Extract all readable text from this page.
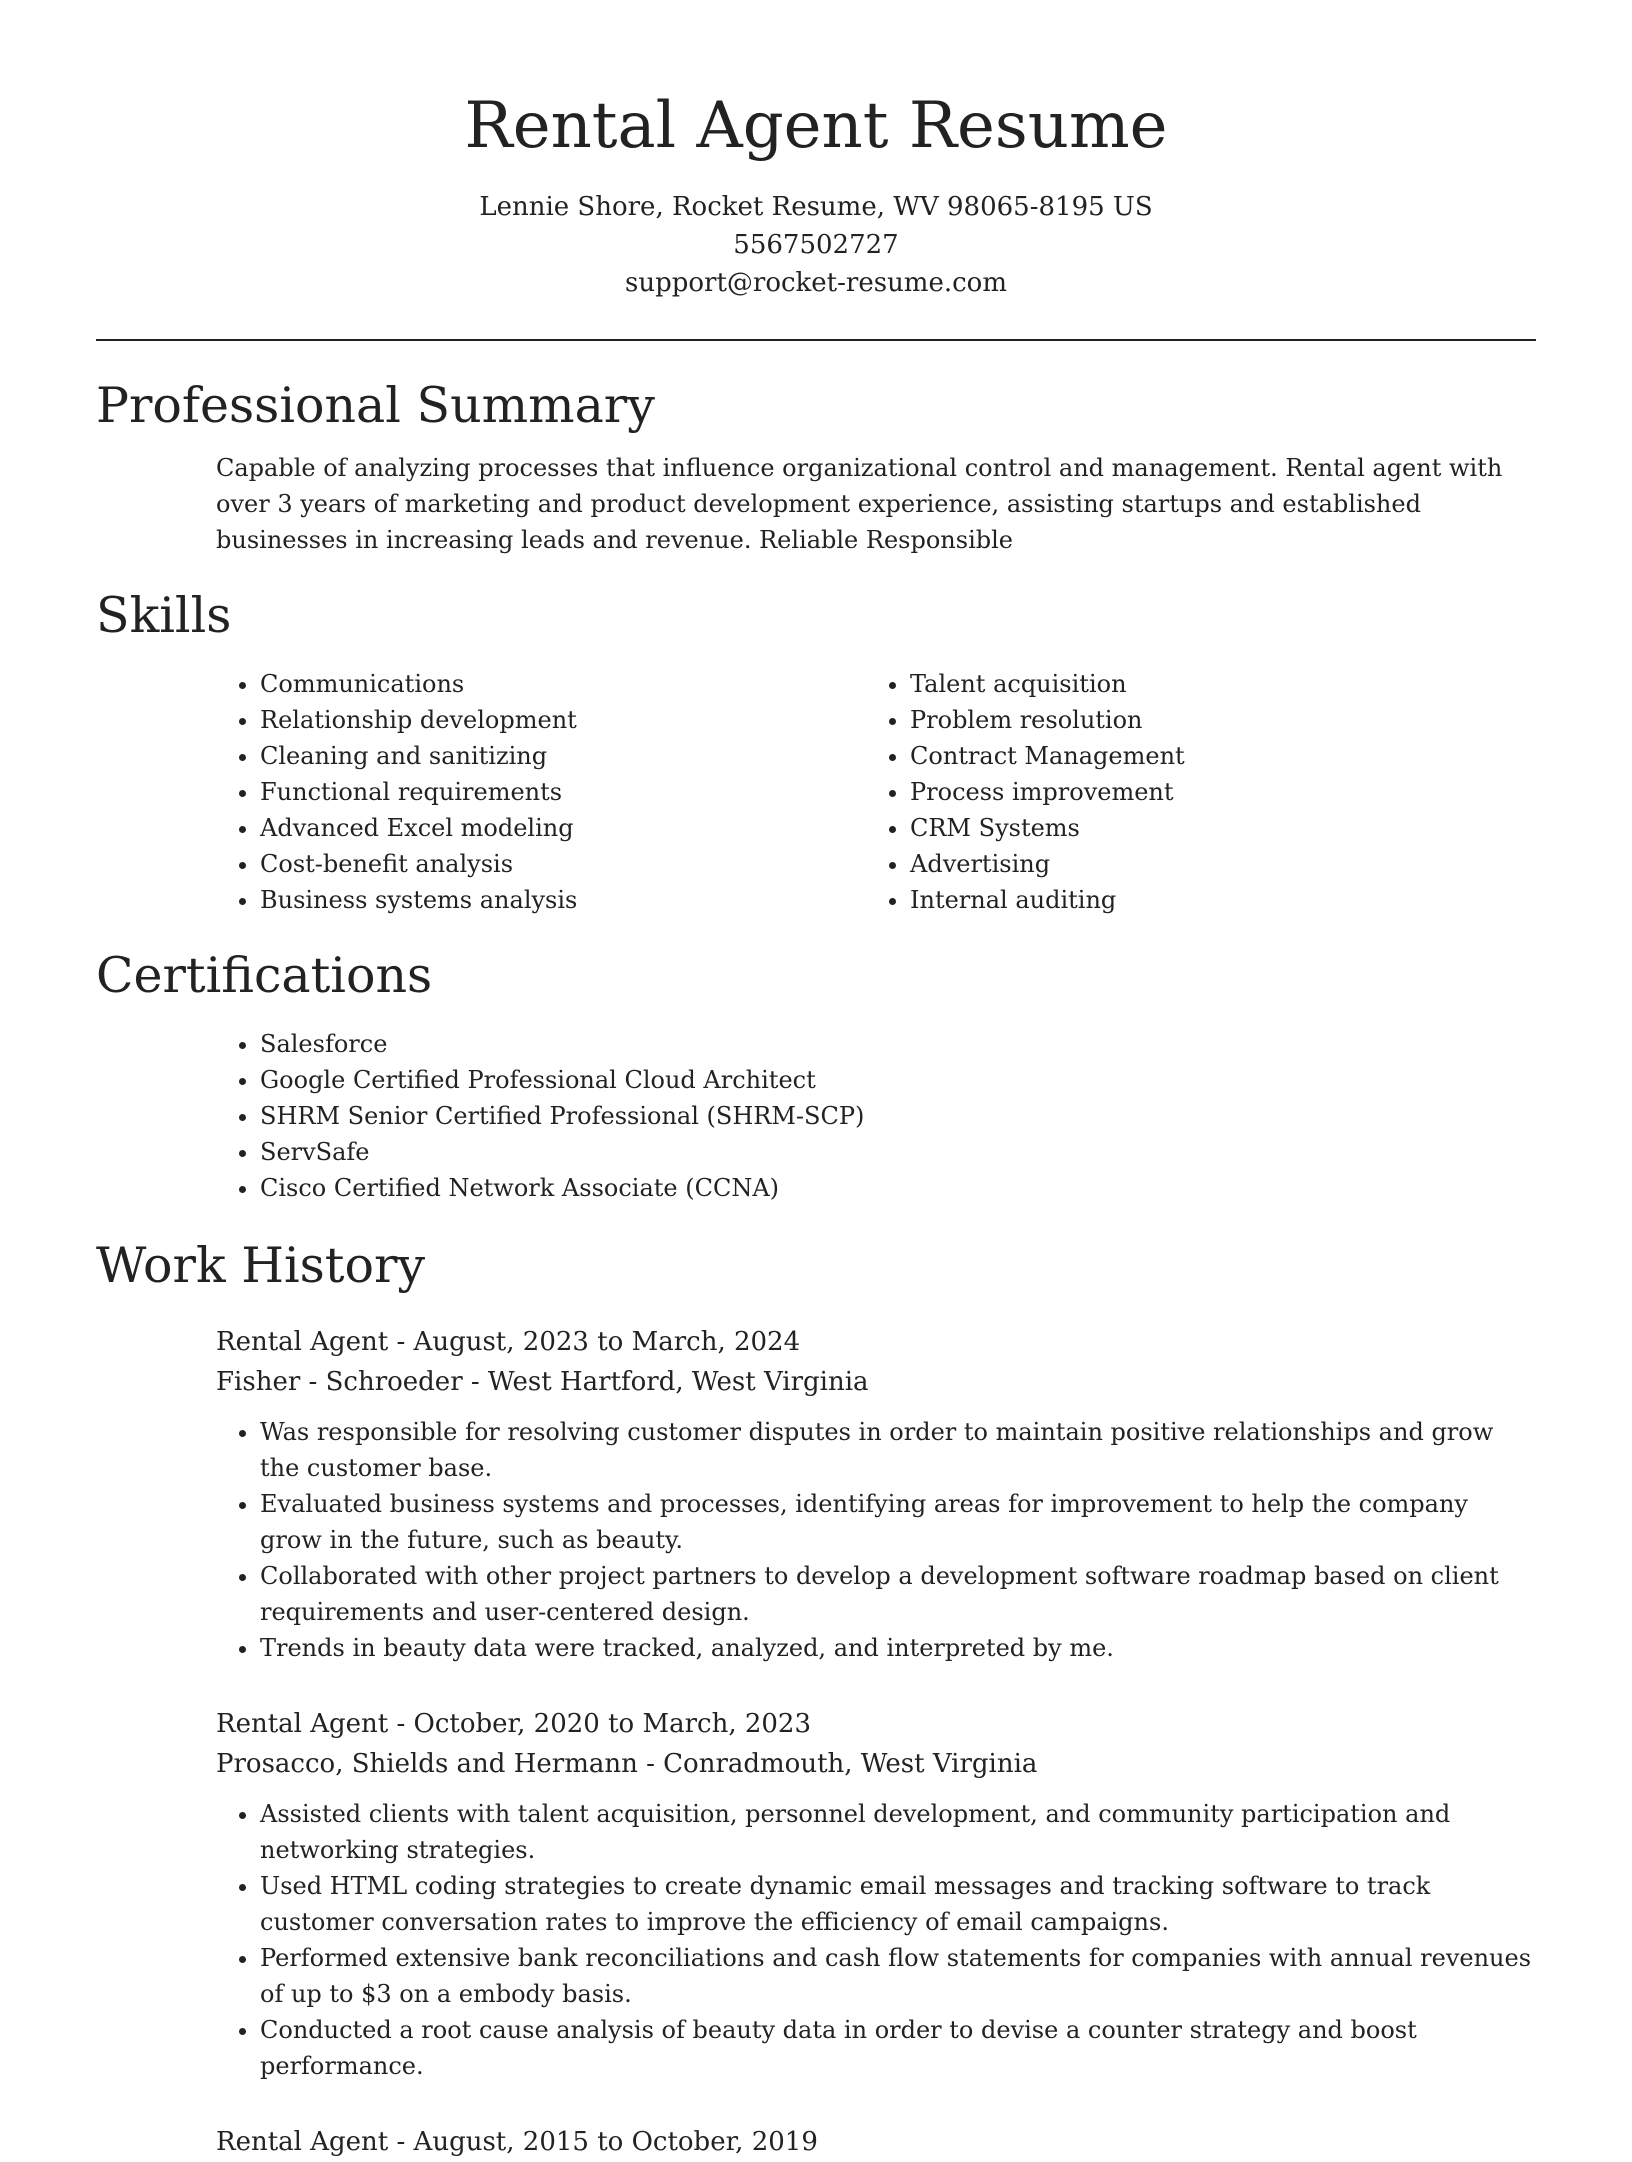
Rental Agent Resume

Lennie Shore, Rocket Resume, WV 98065-8195 US

5567502727

support@rocket-resume.com

Professional Summary

Capable of analyzing processes that influence organizational control and management. Rental agent with over 3 years of marketing and product development experience, assisting startups and established businesses in increasing leads and revenue. Reliable Responsible

Skills
• Communications
• Relationship development
• Cleaning and sanitizing
• Functional requirements
• Advanced Excel modeling
• Cost-benefit analysis
• Business systems analysis
• Talent acquisition
• Problem resolution
• Contract Management
• Process improvement
• CRM Systems
• Advertising
• Internal auditing
Certifications
• Salesforce
• Google Certified Professional Cloud Architect
• SHRM Senior Certified Professional (SHRM-SCP)
• ServSafe
• Cisco Certified Network Associate (CCNA)
Work History

Rental Agent - August, 2023 to March, 2024

Fisher - Schroeder - West Hartford, West Virginia

• Was responsible for resolving customer disputes in order to maintain positive relationships and grow the customer base.
• Evaluated business systems and processes, identifying areas for improvement to help the company grow in the future, such as beauty.
• Collaborated with other project partners to develop a development software roadmap based on client requirements and user-centered design.
• Trends in beauty data were tracked, analyzed, and interpreted by me.

Rental Agent - October, 2020 to March, 2023

Prosacco, Shields and Hermann - Conradmouth, West Virginia

• Assisted clients with talent acquisition, personnel development, and community participation and networking strategies.
• Used HTML coding strategies to create dynamic email messages and tracking software to track customer conversation rates to improve the efficiency of email campaigns.
• Performed extensive bank reconciliations and cash flow statements for companies with annual revenues of up to $3 on a embody basis.
• Conducted a root cause analysis of beauty data in order to devise a counter strategy and boost performance.

Rental Agent - August, 2015 to October, 2019
